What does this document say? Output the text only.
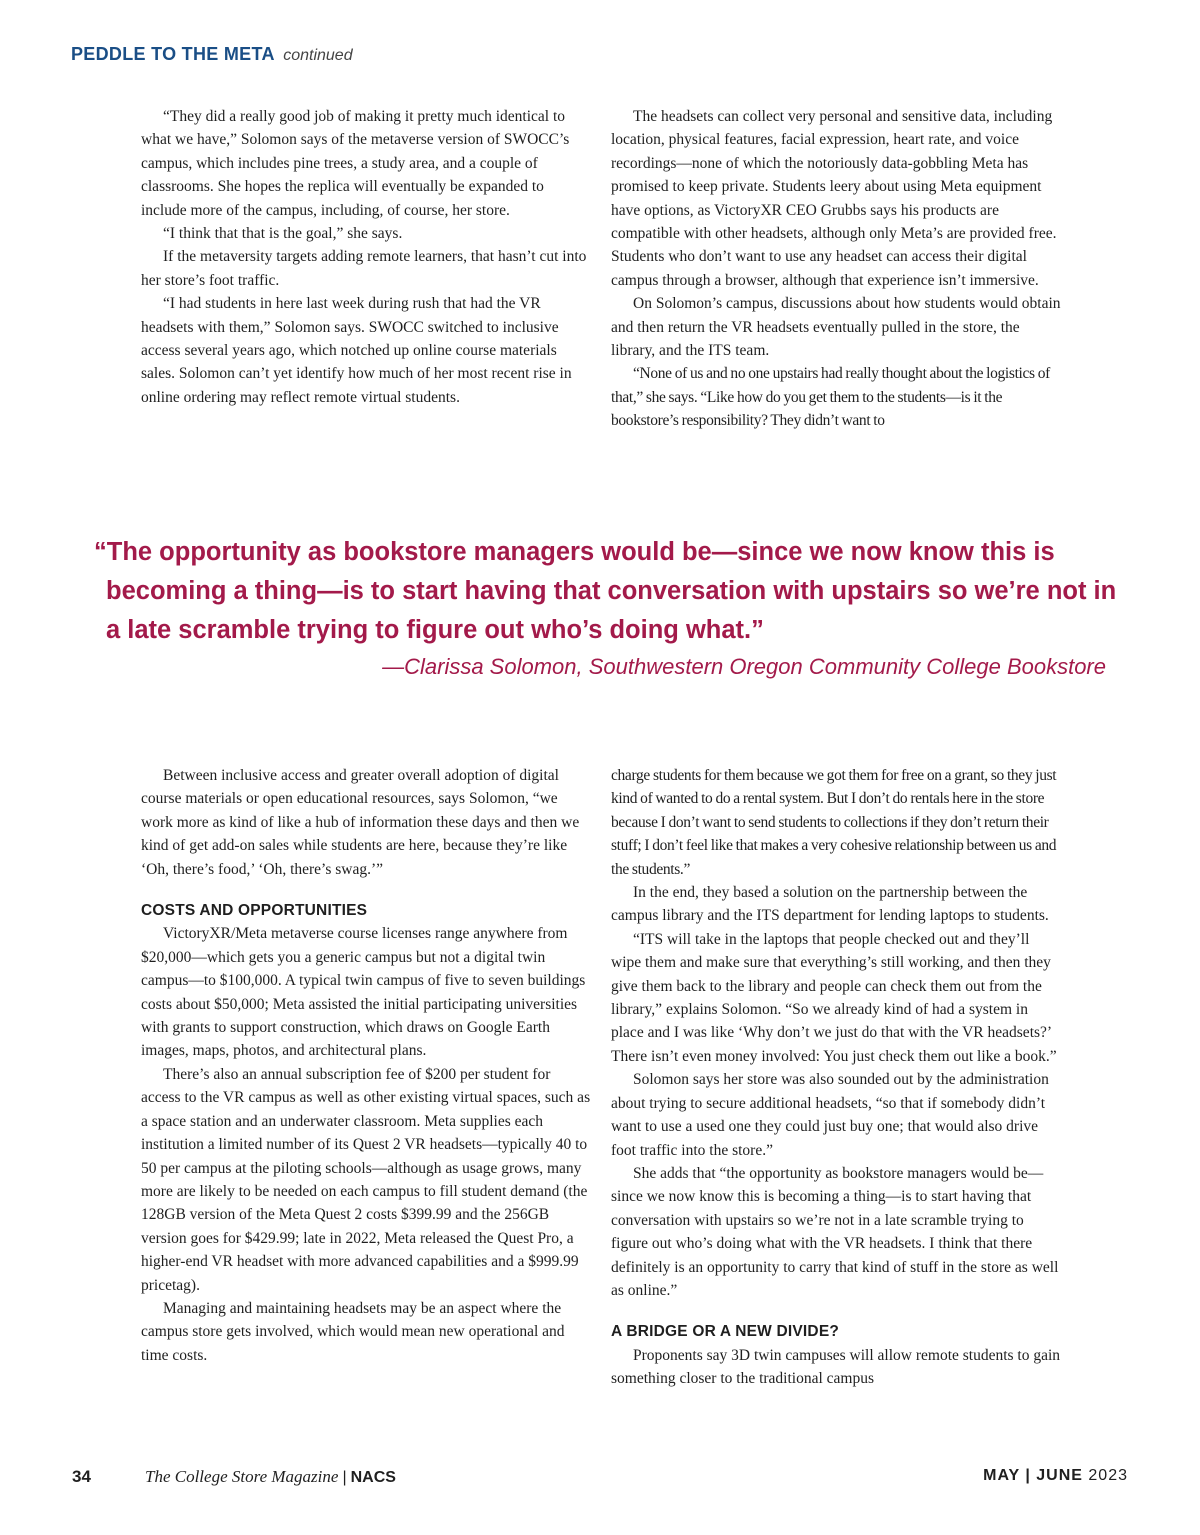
PEDDLE TO THE META continued

“They did a really good job of making it pretty much identical to what we have,” Solomon says of the metaverse version of SWOCC’s campus, which includes pine trees, a study area, and a couple of classrooms. She hopes the replica will eventually be expanded to include more of the campus, including, of course, her store.

“I think that that is the goal,” she says.

If the metaversity targets adding remote learners, that hasn’t cut into her store’s foot traffic.

“I had students in here last week during rush that had the VR headsets with them,” Solomon says. SWOCC switched to inclusive access several years ago, which notched up online course materials sales. Solomon can’t yet identify how much of her most recent rise in online ordering may reflect remote virtual students.

The headsets can collect very personal and sensitive data, including location, physical features, facial expression, heart rate, and voice recordings—none of which the notoriously data-gobbling Meta has promised to keep private. Students leery about using Meta equipment have options, as VictoryXR CEO Grubbs says his products are compatible with other headsets, although only Meta’s are provided free. Students who don’t want to use any headset can access their digital campus through a browser, although that experience isn’t immersive.

On Solomon’s campus, discussions about how students would obtain and then return the VR headsets eventually pulled in the store, the library, and the ITS team.

“None of us and no one upstairs had really thought about the logistics of that,” she says. “Like how do you get them to the students—is it the bookstore’s responsibility? They didn’t want to

“The opportunity as bookstore managers would be—since we now know this is becoming a thing—is to start having that conversation with upstairs so we’re not in a late scramble trying to figure out who’s doing what.”

—Clarissa Solomon, Southwestern Oregon Community College Bookstore

Between inclusive access and greater overall adoption of digital course materials or open educational resources, says Solomon, “we work more as kind of like a hub of information these days and then we kind of get add-on sales while students are here, because they’re like ‘Oh, there’s food,’ ‘Oh, there’s swag.’”

COSTS AND OPPORTUNITIES

VictoryXR/Meta metaverse course licenses range anywhere from $20,000—which gets you a generic campus but not a digital twin campus—to $100,000. A typical twin campus of five to seven buildings costs about $50,000; Meta assisted the initial participating universities with grants to support construction, which draws on Google Earth images, maps, photos, and architectural plans.

There’s also an annual subscription fee of $200 per student for access to the VR campus as well as other existing virtual spaces, such as a space station and an underwater classroom. Meta supplies each institution a limited number of its Quest 2 VR headsets—typically 40 to 50 per campus at the piloting schools—although as usage grows, many more are likely to be needed on each campus to fill student demand (the 128GB version of the Meta Quest 2 costs $399.99 and the 256GB version goes for $429.99; late in 2022, Meta released the Quest Pro, a higher-end VR headset with more advanced capabilities and a $999.99 pricetag).

Managing and maintaining headsets may be an aspect where the campus store gets involved, which would mean new operational and time costs.

charge students for them because we got them for free on a grant, so they just kind of wanted to do a rental system. But I don’t do rentals here in the store because I don’t want to send students to collections if they don’t return their stuff; I don’t feel like that makes a very cohesive relationship between us and the students.”

In the end, they based a solution on the partnership between the campus library and the ITS department for lending laptops to students.

“ITS will take in the laptops that people checked out and they’ll wipe them and make sure that everything’s still working, and then they give them back to the library and people can check them out from the library,” explains Solomon. “So we already kind of had a system in place and I was like ‘Why don’t we just do that with the VR headsets?’ There isn’t even money involved: You just check them out like a book.”

Solomon says her store was also sounded out by the administration about trying to secure additional headsets, “so that if somebody didn’t want to use a used one they could just buy one; that would also drive foot traffic into the store.”

She adds that “the opportunity as bookstore managers would be—since we now know this is becoming a thing—is to start having that conversation with upstairs so we’re not in a late scramble trying to figure out who’s doing what with the VR headsets. I think that there definitely is an opportunity to carry that kind of stuff in the store as well as online.”

A BRIDGE OR A NEW DIVIDE?

Proponents say 3D twin campuses will allow remote students to gain something closer to the traditional campus

34	The College Store Magazine | NACS	MAY | JUNE 2023
